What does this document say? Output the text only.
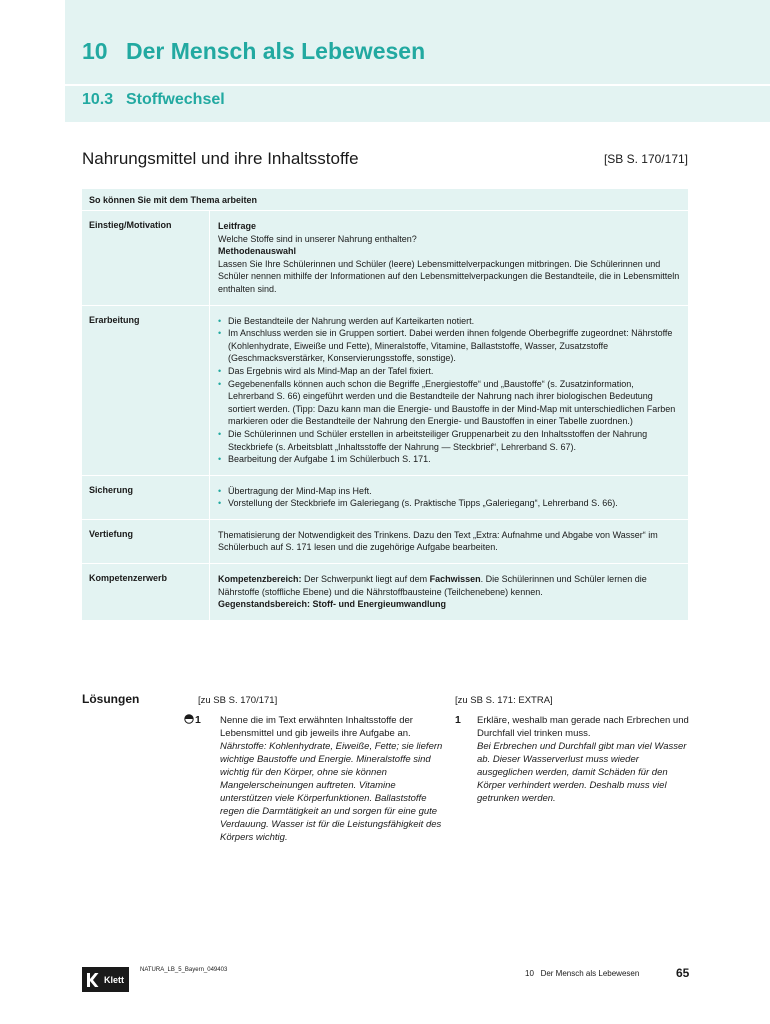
10 Der Mensch als Lebewesen
10.3 Stoffwechsel
Nahrungsmittel und ihre Inhaltsstoffe	[SB S. 170/171]
So können Sie mit dem Thema arbeiten
Einstieg/Motivation	Leitfrage
Welche Stoffe sind in unserer Nahrung enthalten?
Methodenauswahl
Lassen Sie Ihre Schülerinnen und Schüler (leere) Lebensmittelverpackungen mitbringen. Die Schülerinnen und Schüler nennen mithilfe der Informationen auf den Lebensmittelverpackungen die Bestandteile, die in Lebensmitteln enthalten sind.
Erarbeitung	• Die Bestandteile der Nahrung werden auf Karteikarten notiert.
• Im Anschluss werden sie in Gruppen sortiert. Dabei werden ihnen folgende Oberbegriffe zugeordnet: Nährstoffe (Kohlenhydrate, Eiweiße und Fette), Mineralstoffe, Vitamine, Ballaststoffe, Wasser, Zusatzstoffe (Geschmacksverstärker, Konservierungsstoffe, sonstige).
• Das Ergebnis wird als Mind-Map an der Tafel fixiert.
• Gegebenenfalls können auch schon die Begriffe „Energiestoffe“ und „Baustoffe“ (s. Zusatzinformation, Lehrerband S. 66) eingeführt werden und die Bestandteile der Nahrung nach ihrer biologischen Bedeutung sortiert werden. (Tipp: Dazu kann man die Energie- und Baustoffe in der Mind-Map mit unterschiedlichen Farben markieren oder die Bestandteile der Nahrung den Energie- und Baustoffen in einer Tabelle zuordnen.)
• Die Schülerinnen und Schüler erstellen in arbeitsteiliger Gruppenarbeit zu den Inhaltsstoffen der Nahrung Steckbriefe (s. Arbeitsblatt „Inhaltsstoffe der Nahrung — Steckbrief“, Lehrerband S. 67).
• Bearbeitung der Aufgabe 1 im Schülerbuch S. 171.
Sicherung	• Übertragung der Mind-Map ins Heft.
• Vorstellung der Steckbriefe im Galeriegang (s. Praktische Tipps „Galeriegang“, Lehrerband S. 66).
Vertiefung	Thematisierung der Notwendigkeit des Trinkens. Dazu den Text „Extra: Aufnahme und Abgabe von Wasser“ im Schülerbuch auf S. 171 lesen und die zugehörige Aufgabe bearbeiten.
Kompetenzerwerb	Kompetenzbereich: Der Schwerpunkt liegt auf dem Fachwissen. Die Schülerinnen und Schüler lernen die Nährstoffe (stoffliche Ebene) und die Nährstoffbausteine (Teilchenebene) kennen.
Gegenstandsbereich: Stoff- und Energieumwandlung
Lösungen	[zu SB S. 170/171]
1	Nenne die im Text erwähnten Inhaltsstoffe der Lebensmittel und gib jeweils ihre Aufgabe an.
Nährstoffe: Kohlenhydrate, Eiweiße, Fette; sie liefern wichtige Baustoffe und Energie. Mineralstoffe sind wichtig für den Körper, ohne sie können Mangelerscheinungen auftreten. Vitamine unterstützen viele Körperfunktionen. Ballaststoffe regen die Darmtätigkeit an und sorgen für eine gute Verdauung. Wasser ist für die Leistungsfähigkeit des Körpers wichtig.
[zu SB S. 171: EXTRA]
1 Erkläre, weshalb man gerade nach Erbrechen und Durchfall viel trinken muss.
Bei Erbrechen und Durchfall gibt man viel Wasser ab. Dieser Wasserverlust muss wieder ausgeglichen werden, damit Schäden für den Körper verhindert werden. Deshalb muss viel getrunken werden.
Klett
NATURA_LB_5_Bayern_049403	10   Der Mensch als Lebewesen	65
